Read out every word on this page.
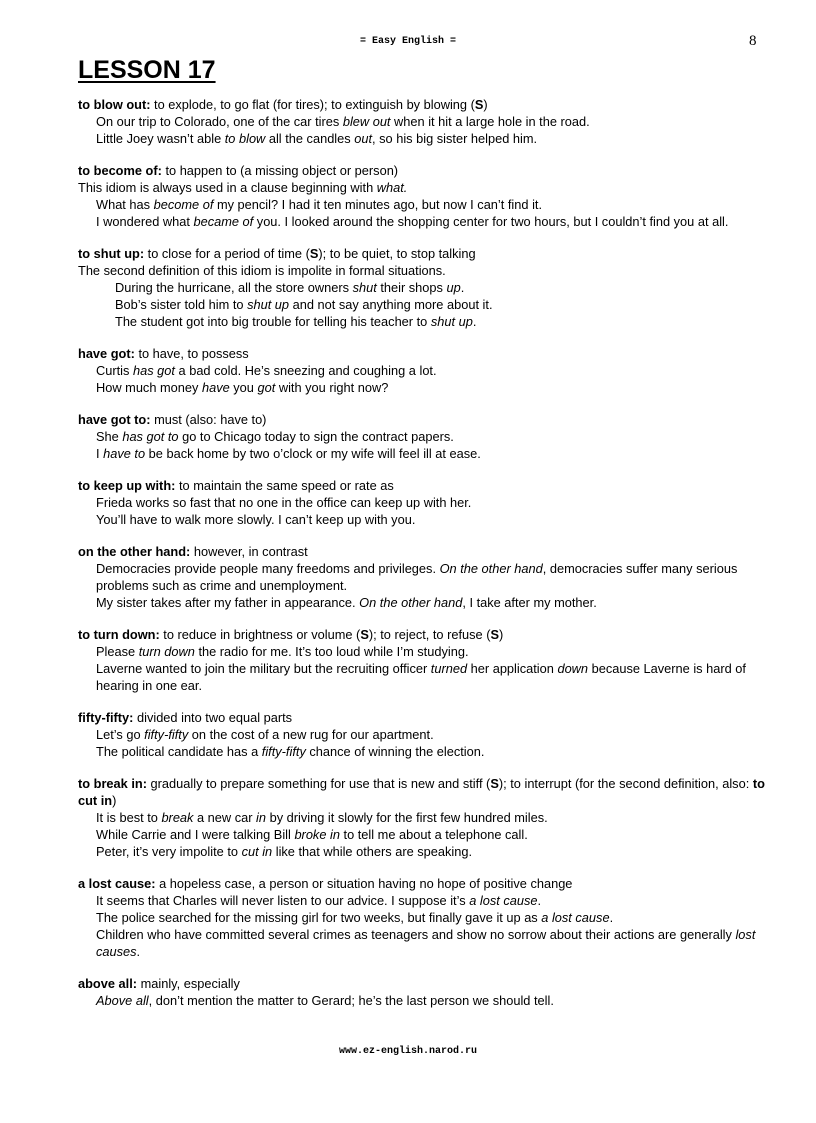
= Easy English =	8
LESSON 17
to blow out: to explode, to go flat (for tires); to extinguish by blowing (S)
On our trip to Colorado, one of the car tires blew out when it hit a large hole in the road.
Little Joey wasn’t able to blow all the candles out, so his big sister helped him.
to become of: to happen to (a missing object or person)
This idiom is always used in a clause beginning with what.
What has become of my pencil? I had it ten minutes ago, but now I can’t find it.
I wondered what became of you. I looked around the shopping center for two hours, but I couldn’t find you at all.
to shut up: to close for a period of time (S); to be quiet, to stop talking
The second definition of this idiom is impolite in formal situations.
During the hurricane, all the store owners shut their shops up.
Bob’s sister told him to shut up and not say anything more about it.
The student got into big trouble for telling his teacher to shut up.
have got: to have, to possess
Curtis has got a bad cold. He’s sneezing and coughing a lot.
How much money have you got with you right now?
have got to: must (also: have to)
She has got to go to Chicago today to sign the contract papers.
I have to be back home by two o’clock or my wife will feel ill at ease.
to keep up with: to maintain the same speed or rate as
Frieda works so fast that no one in the office can keep up with her.
You’ll have to walk more slowly. I can’t keep up with you.
on the other hand: however, in contrast
Democracies provide people many freedoms and privileges. On the other hand, democracies suffer many serious problems such as crime and unemployment.
My sister takes after my father in appearance. On the other hand, I take after my mother.
to turn down: to reduce in brightness or volume (S); to reject, to refuse (S)
Please turn down the radio for me. It’s too loud while I’m studying.
Laverne wanted to join the military but the recruiting officer turned her application down because Laverne is hard of hearing in one ear.
fifty-fifty: divided into two equal parts
Let’s go fifty-fifty on the cost of a new rug for our apartment.
The political candidate has a fifty-fifty chance of winning the election.
to break in: gradually to prepare something for use that is new and stiff (S); to interrupt (for the second definition, also: to cut in)
It is best to break a new car in by driving it slowly for the first few hundred miles.
While Carrie and I were talking Bill broke in to tell me about a telephone call.
Peter, it’s very impolite to cut in like that while others are speaking.
a lost cause: a hopeless case, a person or situation having no hope of positive change
It seems that Charles will never listen to our advice. I suppose it’s a lost cause.
The police searched for the missing girl for two weeks, but finally gave it up as a lost cause.
Children who have committed several crimes as teenagers and show no sorrow about their actions are generally lost causes.
above all: mainly, especially
Above all, don’t mention the matter to Gerard; he’s the last person we should tell.
www.ez-english.narod.ru
